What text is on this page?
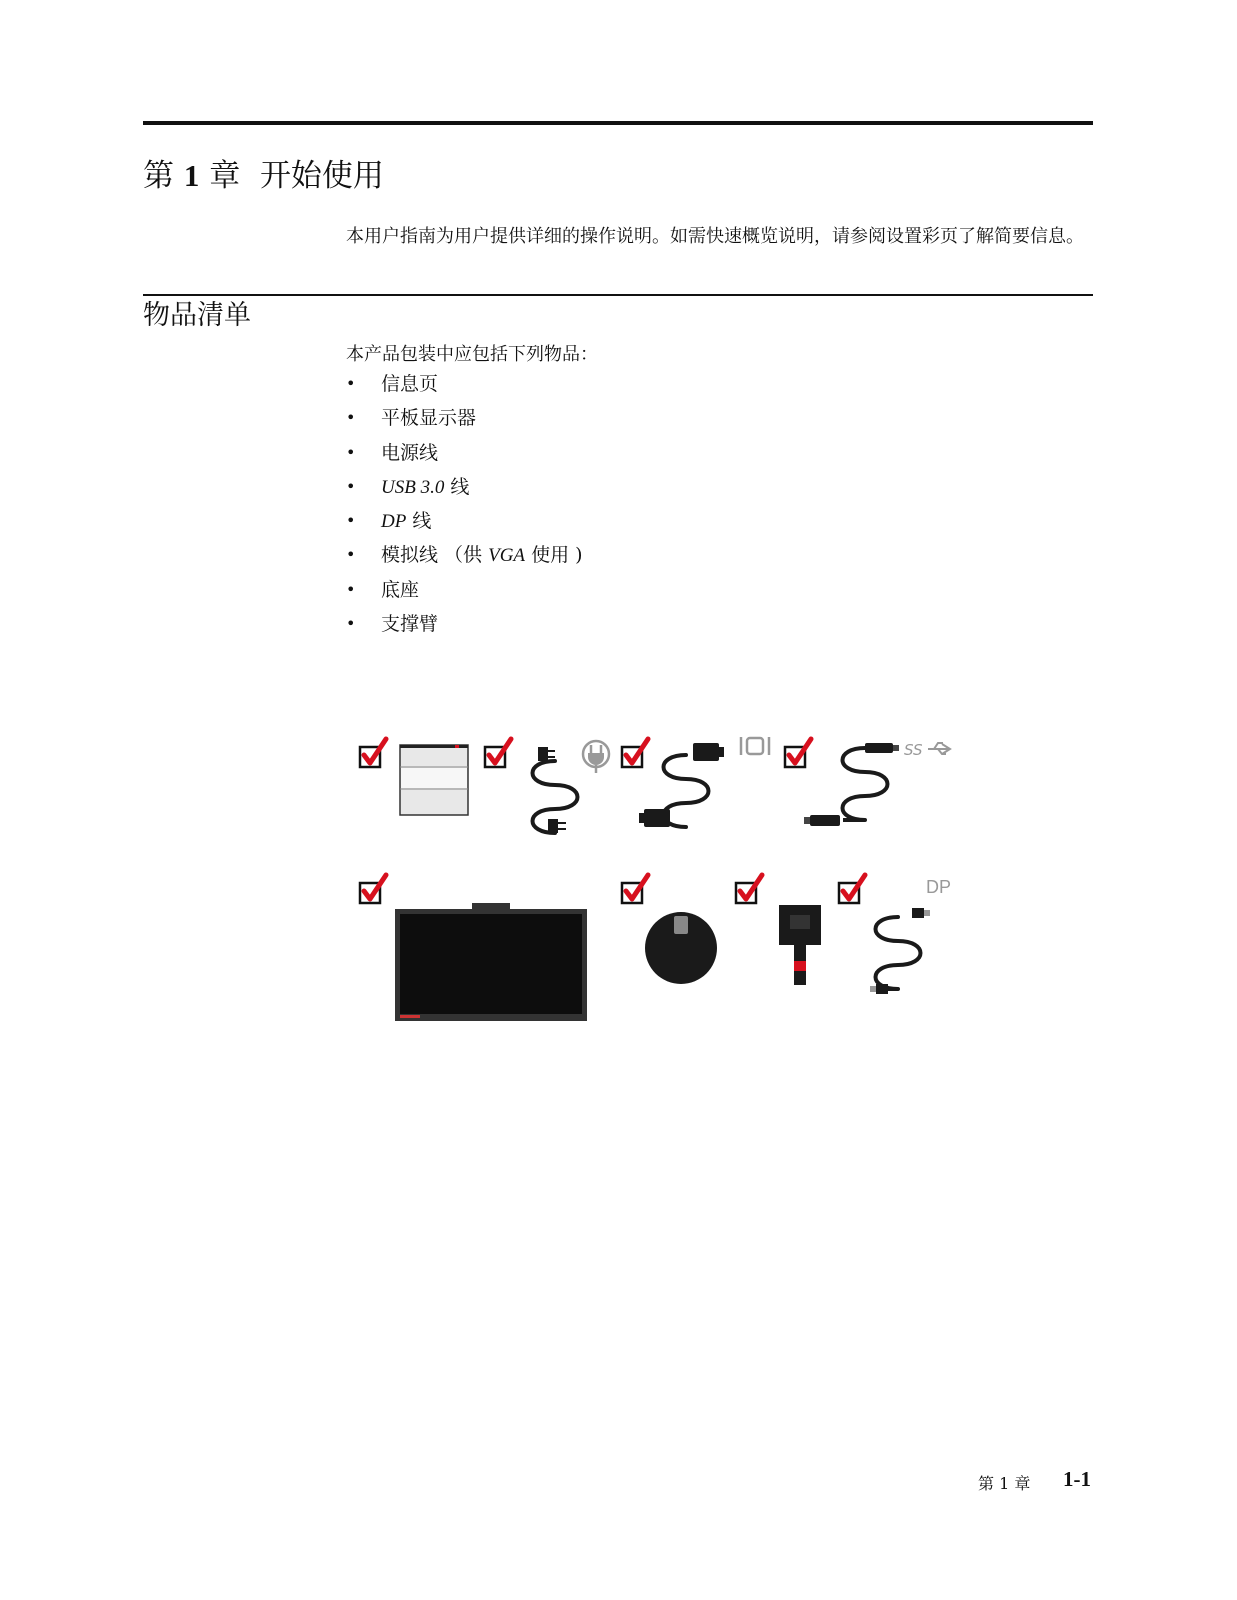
第 1 章 开始使用
本用户指南为用户提供详细的操作说明。如需快速概览说明，请参阅设置彩页了解简要信息。
物品清单
本产品包装中应包括下列物品：
• 信息页
• 平板显示器
• 电源线
• USB 3.0 线
• DP 线
• 模拟线 （供 VGA 使用 )
• 底座
• 支撑臂
SS
DP
第 1 章 1-1
